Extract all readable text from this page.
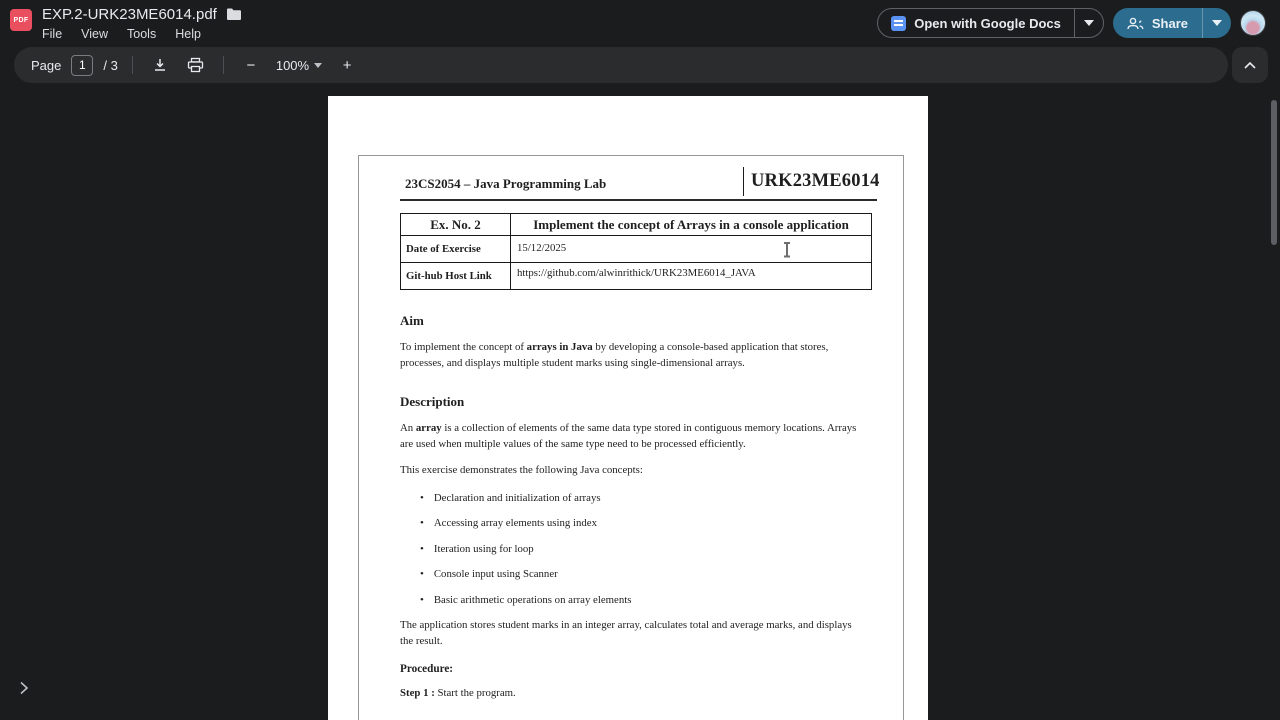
PDF EXP.2-URK23ME6014.pdf
File View Tools Help
Open with Google Docs	Share
Page
1	/ 3	− 100% +
23CS2054 – Java Programming Lab	URK23ME6014
Ex. No. 2	Implement the concept of Arrays in a console application
Date of Exercise	15/12/2025
Git-hub Host Link	https://github.com/alwinrithick/URK23ME6014_JAVA
Aim
To implement the concept of arrays in Java by developing a console-based application that stores, processes, and displays multiple student marks using single-dimensional arrays.
Description
An array is a collection of elements of the same data type stored in contiguous memory locations. Arrays are used when multiple values of the same type need to be processed efficiently.
This exercise demonstrates the following Java concepts:
• Declaration and initialization of arrays
• Accessing array elements using index
• Iteration using for loop
• Console input using Scanner
• Basic arithmetic operations on array elements
The application stores student marks in an integer array, calculates total and average marks, and displays the result.
Procedure:
Step 1 : Start the program.
